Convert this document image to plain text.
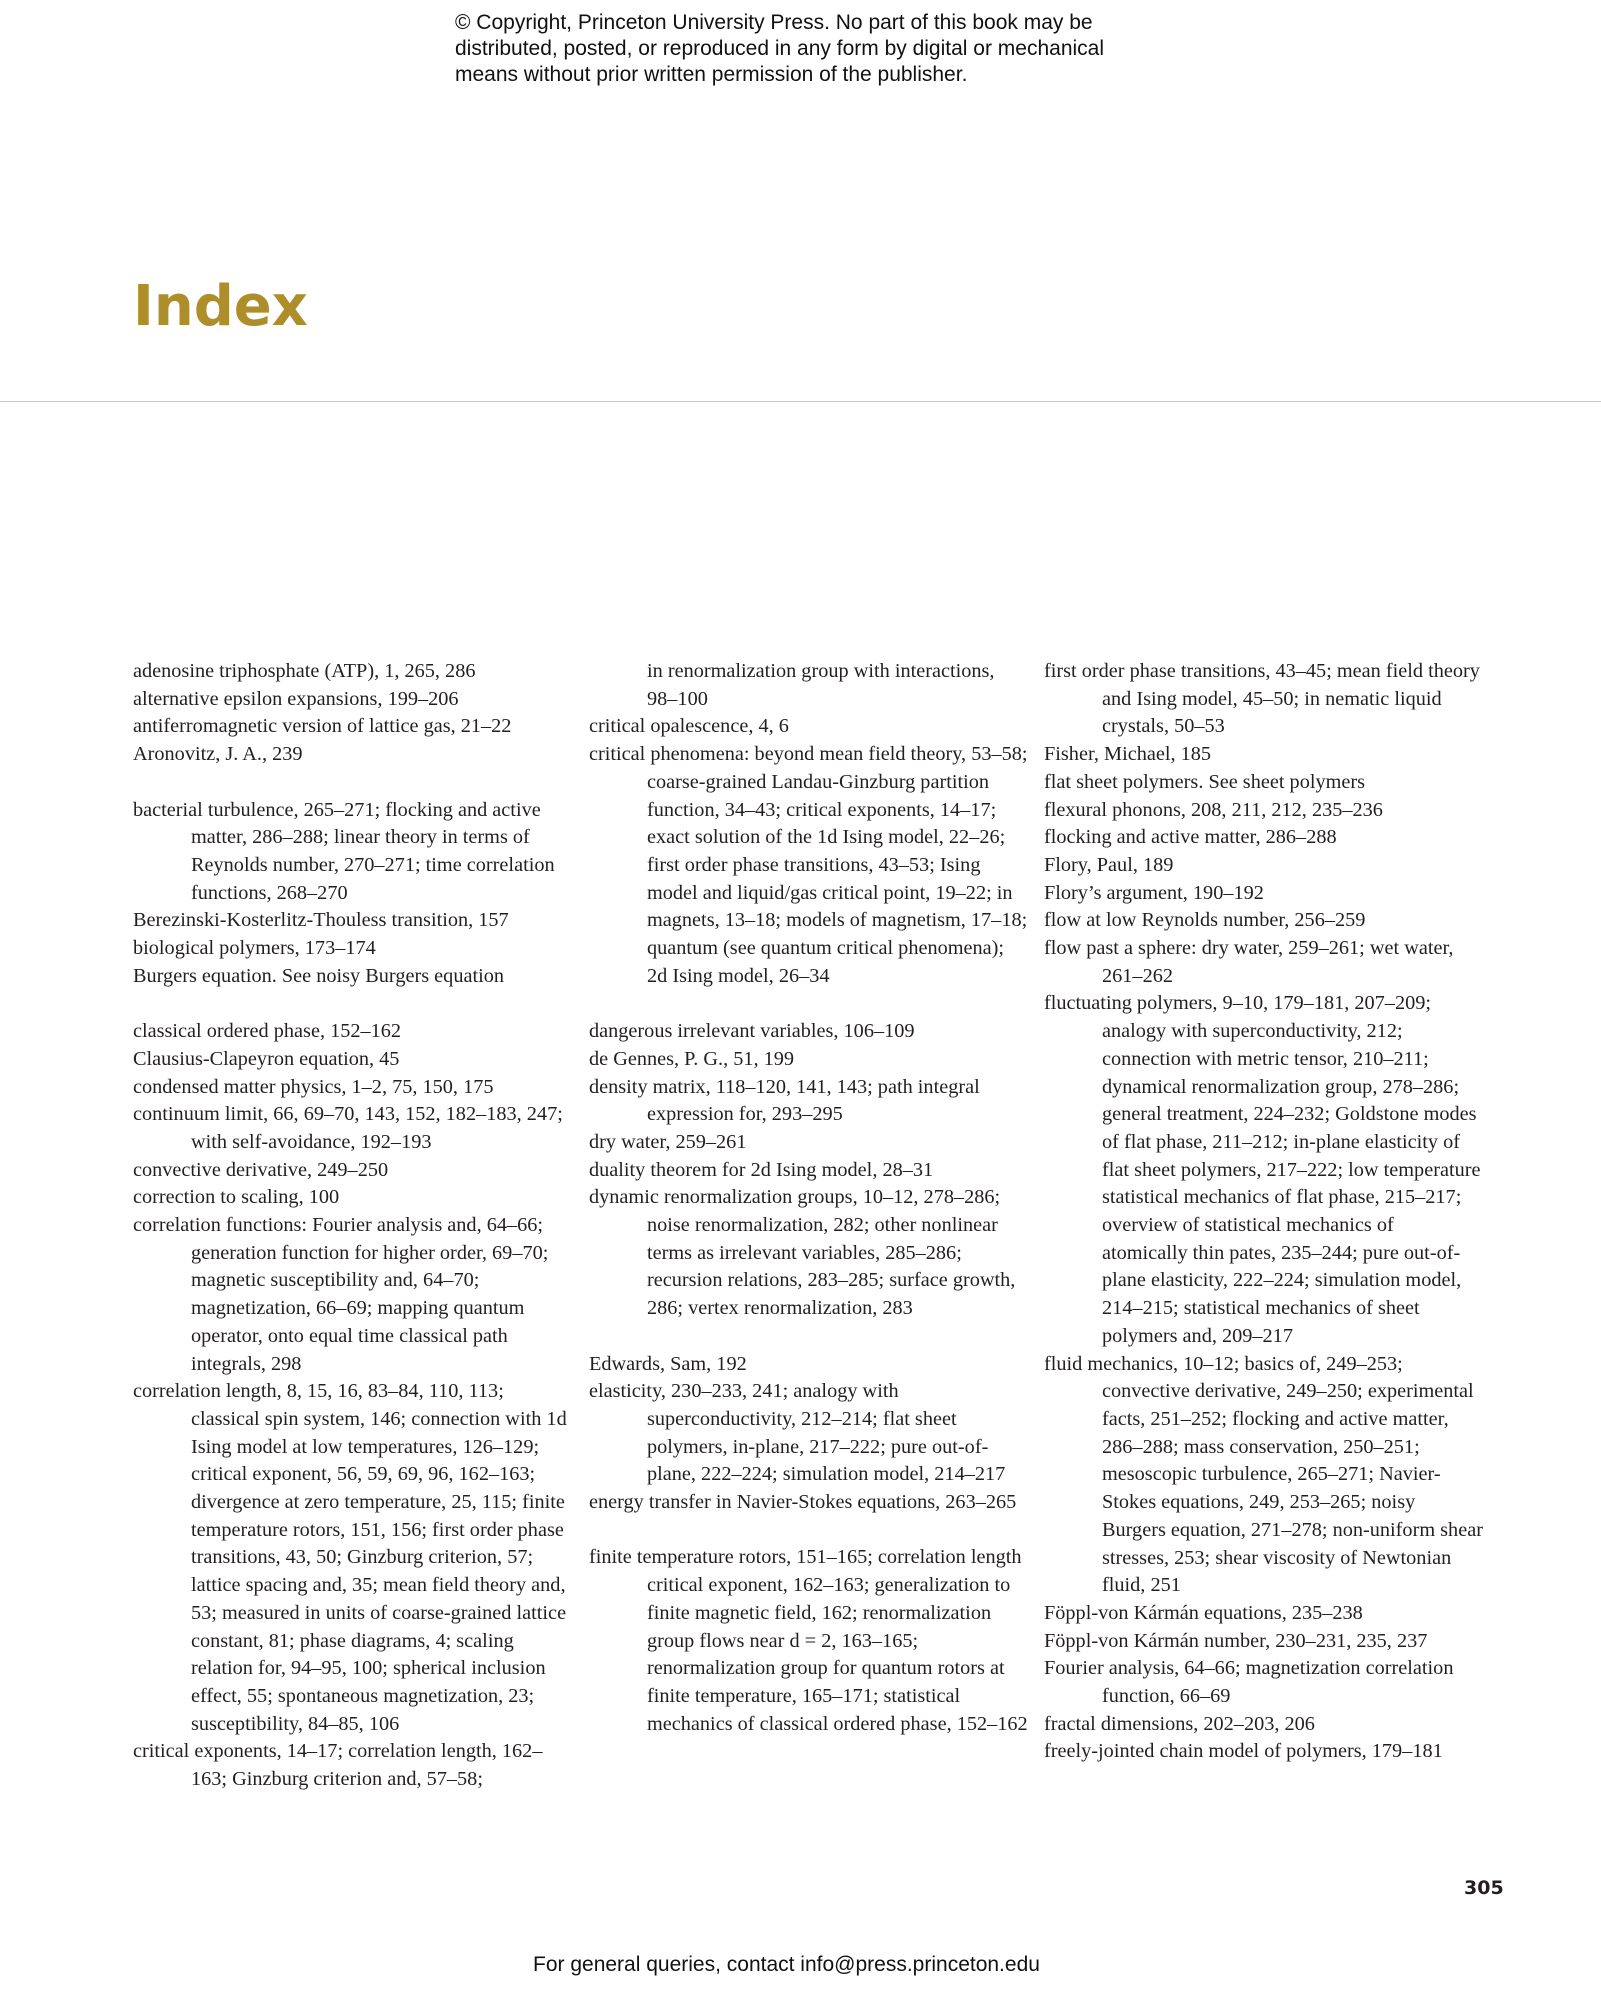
© Copyright, Princeton University Press. No part of this book may be
distributed, posted, or reproduced in any form by digital or mechanical
means without prior written permission of the publisher.
Index
adenosine triphosphate (ATP), 1, 265, 286
alternative epsilon expansions, 199–206
antiferromagnetic version of lattice gas, 21–22
Aronovitz, J. A., 239
bacterial turbulence, 265–271; flocking and active matter, 286–288; linear theory in terms of Reynolds number, 270–271; time correlation functions, 268–270
Berezinski-Kosterlitz-Thouless transition, 157
biological polymers, 173–174
Burgers equation. See noisy Burgers equation
classical ordered phase, 152–162
Clausius-Clapeyron equation, 45
condensed matter physics, 1–2, 75, 150, 175
continuum limit, 66, 69–70, 143, 152, 182–183, 247; with self-avoidance, 192–193
convective derivative, 249–250
correction to scaling, 100
correlation functions: Fourier analysis and, 64–66; generation function for higher order, 69–70; magnetic susceptibility and, 64–70; magnetization, 66–69; mapping quantum operator, onto equal time classical path integrals, 298
correlation length, 8, 15, 16, 83–84, 110, 113; classical spin system, 146; connection with 1d Ising model at low temperatures, 126–129; critical exponent, 56, 59, 69, 96, 162–163; divergence at zero temperature, 25, 115; finite temperature rotors, 151, 156; first order phase transitions, 43, 50; Ginzburg criterion, 57; lattice spacing and, 35; mean field theory and, 53; measured in units of coarse-grained lattice constant, 81; phase diagrams, 4; scaling relation for, 94–95, 100; spherical inclusion effect, 55; spontaneous magnetization, 23; susceptibility, 84–85, 106
critical exponents, 14–17; correlation length, 162–163; Ginzburg criterion and, 57–58;
in renormalization group with interactions, 98–100
critical opalescence, 4, 6
critical phenomena: beyond mean field theory, 53–58; coarse-grained Landau-Ginzburg partition function, 34–43; critical exponents, 14–17; exact solution of the 1d Ising model, 22–26; first order phase transitions, 43–53; Ising model and liquid/gas critical point, 19–22; in magnets, 13–18; models of magnetism, 17–18; quantum (see quantum critical phenomena); 2d Ising model, 26–34
dangerous irrelevant variables, 106–109
de Gennes, P. G., 51, 199
density matrix, 118–120, 141, 143; path integral expression for, 293–295
dry water, 259–261
duality theorem for 2d Ising model, 28–31
dynamic renormalization groups, 10–12, 278–286; noise renormalization, 282; other nonlinear terms as irrelevant variables, 285–286; recursion relations, 283–285; surface growth, 286; vertex renormalization, 283
Edwards, Sam, 192
elasticity, 230–233, 241; analogy with superconductivity, 212–214; flat sheet polymers, in-plane, 217–222; pure out-of-plane, 222–224; simulation model, 214–217
energy transfer in Navier-Stokes equations, 263–265
finite temperature rotors, 151–165; correlation length critical exponent, 162–163; generalization to finite magnetic field, 162; renormalization group flows near d = 2, 163–165; renormalization group for quantum rotors at finite temperature, 165–171; statistical mechanics of classical ordered phase, 152–162
first order phase transitions, 43–45; mean field theory and Ising model, 45–50; in nematic liquid crystals, 50–53
Fisher, Michael, 185
flat sheet polymers. See sheet polymers
flexural phonons, 208, 211, 212, 235–236
flocking and active matter, 286–288
Flory, Paul, 189
Flory’s argument, 190–192
flow at low Reynolds number, 256–259
flow past a sphere: dry water, 259–261; wet water, 261–262
fluctuating polymers, 9–10, 179–181, 207–209; analogy with superconductivity, 212; connection with metric tensor, 210–211; dynamical renormalization group, 278–286; general treatment, 224–232; Goldstone modes of flat phase, 211–212; in-plane elasticity of flat sheet polymers, 217–222; low temperature statistical mechanics of flat phase, 215–217; overview of statistical mechanics of atomically thin pates, 235–244; pure out-of-plane elasticity, 222–224; simulation model, 214–215; statistical mechanics of sheet polymers and, 209–217
fluid mechanics, 10–12; basics of, 249–253; convective derivative, 249–250; experimental facts, 251–252; flocking and active matter, 286–288; mass conservation, 250–251; mesoscopic turbulence, 265–271; Navier-Stokes equations, 249, 253–265; noisy Burgers equation, 271–278; non-uniform shear stresses, 253; shear viscosity of Newtonian fluid, 251
Föppl-von Kármán equations, 235–238
Föppl-von Kármán number, 230–231, 235, 237
Fourier analysis, 64–66; magnetization correlation function, 66–69
fractal dimensions, 202–203, 206
freely-jointed chain model of polymers, 179–181
305
For general queries, contact info@press.princeton.edu
